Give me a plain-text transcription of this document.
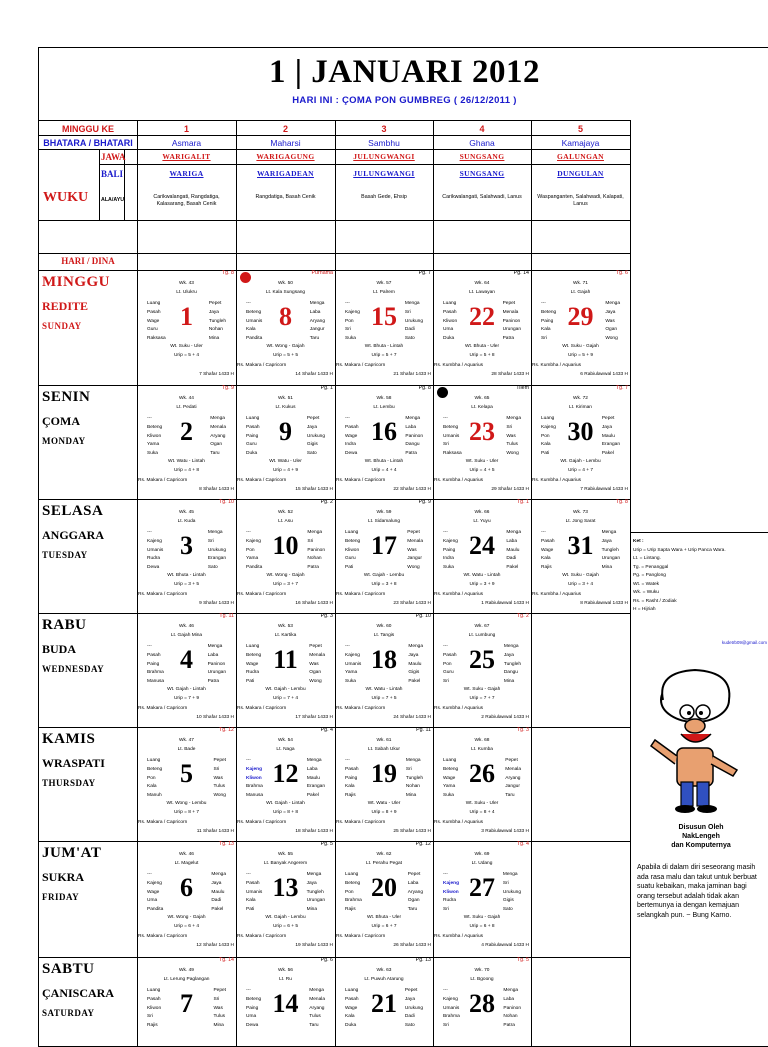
1 | JANUARI 2012
HARI INI : ÇOMA PON GUMBREG ( 26/12/2011 )
MINGGU KE
BHATARA / BHATARI
WUKU
JAWA
BALI
ALA/AYU
HARI / DINA
1
Asmara
WARIGALIT
WARIGA
Carikwalangati, Rangdatiga, Kalasarang, Basah Cenik
2
Maharsi
WARIGAGUNG
WARIGADEAN
Rangdatiga, Basah Cenik
3
Sambhu
JULUNGWANGI
JULUNGWANGI
Basah Gede, Ehsip
4
Ghana
SUNGSANG
SUNGSANG
Carikwalangati, Salahwadi, Lanus
5
Kamajaya
GALUNGAN
DUNGULAN
Waspanganten, Salahwadi, Kalapati, Lanus
MINGGU
REDITE
SUNDAY
SENIN
ÇOMA
MONDAY
SELASA
ANGGARA
TUESDAY
RABU
BUDA
WEDNESDAY
KAMIS
WRASPATI
THURSDAY
JUM'AT
SUKRA
FRIDAY
SABTU
ÇANISCARA
SATURDAY
Tg. 8
Wk. 43
Lt. Ulukru
Luang
Pasah
Wage
Guru
Raksasa
Pepet
Jaya
Tungleh
Nohan
Mina
1
Wt. Suku - Uler
Urip = 5 + 4
7 Shafar 1433 H
Purnama
Wk. 50
Lt. Kala Sungsang
---
Beteng
Umanis
Kala
Pandita
Menga
Laba
Aryang
Jangur
Taru
8
Wt. Wong - Gajah
Urip = 5 + 5
Rs. Makara / Capricorn
14 Shafar 1433 H
Pg. 7
Wk. 57
Lt. Palrem
---
Kajeng
Pon
Sri
Suka
Menga
Sri
Urukung
Dadi
Sato
15
Wt. Bhuta - Lintah
Urip = 5 + 7
Rs. Makara / Capricorn
21 Shafar 1433 H
Pg. 14
Wk. 64
Lt. Lawayan
Luang
Pasah
Kliwon
Uma
Duka
Pepet
Menala
Paninon
Urungan
Patra
22
Wt. Bhuta - Uler
Urip = 5 + 8
Rs. Kumbha / Aquarius
28 Shafar 1433 H
Tg. 6
Wk. 71
Lt. Gajah
---
Beteng
Paing
Kala
Sri
Menga
Jaya
Was
Ogan
Wong
29
Wt. Suku - Gajah
Urip = 5 + 9
Rs. Kumbha / Aquarius
6 Rabiulawwal 1433 H
Tg. 9
Wk. 44
Lt. Pedati
---
Beteng
Kliwon
Yama
Suka
Menga
Menala
Aryang
Ogan
Taru
2
Wt. Watu - Lintah
Urip = 4 + 8
Rs. Makara / Capricorn
8 Shafar 1433 H
Pg. 1
Wk. 51
Lt. Kukus
Luang
Pasah
Paing
Guru
Duka
Pepet
Jaya
Urukung
Gigis
Sato
9
Wt. Watu - Uler
Urip = 4 + 9
Rs. Makara / Capricorn
15 Shafar 1433 H
Pg. 8
Wk. 58
Lt. Lembu
---
Pasah
Wage
Indra
Dewa
Menga
Laba
Paninon
Dangu
Patra
16
Wt. Bhuta - Lintah
Urip = 4 + 4
Rs. Makara / Capricorn
22 Shafar 1433 H
Tilem
Wk. 65
Lt. Kelapa
---
Beteng
Umanis
Sri
Raksasa
Menga
Sri
Was
Tulus
Wong
23
Wt. Suku - Uler
Urip = 4 + 5
Rs. Kumbha / Aquarius
29 Shafar 1433 H
Tg. 7
Wk. 72
Lt. Kiriman
Luang
Kajeng
Pon
Kala
Pati
Pepet
Jaya
Maulu
Erangan
Pakel
30
Wt. Gajah - Lembu
Urip = 4 + 7
Rs. Kumbha / Aquarius
7 Rabiulawwal 1433 H
Tg. 10
Wk. 45
Lt. Kuda
---
Kajeng
Umanis
Rudra
Dewa
Menga
Sri
Urukung
Erangan
Sato
3
Wt. Bhuta - Lintah
Urip = 3 + 5
Rs. Makara / Capricorn
9 Shafar 1433 H
Pg. 2
Wk. 52
Lt. Asu
---
Kajeng
Pon
Yama
Pandita
Menga
Sri
Paninon
Nohan
Patra
10
Wt. Wong - Gajah
Urip = 3 + 7
Rs. Makara / Capricorn
16 Shafar 1433 H
Pg. 9
Wk. 59
Lt. Sidamalung
Luang
Beteng
Kliwon
Guru
Pati
Pepet
Menala
Was
Jangur
Wong
17
Wt. Gajah - Lembu
Urip = 3 + 8
Rs. Makara / Capricorn
23 Shafar 1433 H
Tg. 1
Wk. 66
Lt. Yuyu
---
Kajeng
Paing
Indra
Suka
Menga
Laba
Maulu
Dadi
Pakel
24
Wt. Watu - Lintah
Urip = 3 + 9
Rs. Kumbha / Aquarius
1 Rabiulawwal 1433 H
Tg. 8
Wk. 73
Lt. Jong Sarat
---
Pasah
Wage
Kala
Rajis
Menga
Jaya
Tungleh
Urungan
Mina
31
Wt. Suku - Gajah
Urip = 3 + 4
Rs. Kumbha / Aquarius
8 Rabiulawwal 1433 H
Tg. 11
Wk. 46
Lt. Gajah Mina
---
Pasah
Paing
Brahma
Manusa
Menga
Laba
Paninon
Urungan
Patra
4
Wt. Gajah - Lintah
Urip = 7 + 9
Rs. Makara / Capricorn
10 Shafar 1433 H
Pg. 3
Wk. 53
Lt. Kartika
Luang
Beteng
Wage
Rudra
Pati
Pepet
Menala
Was
Ogan
Wong
11
Wt. Gajah - Lembu
Urip = 7 + 4
Rs. Makara / Capricorn
17 Shafar 1433 H
Pg. 10
Wk. 60
Lt. Tangis
---
Kajeng
Umanis
Yama
Suka
Menga
Jaya
Maulu
Gigis
Pakel
18
Wt. Watu - Lintah
Urip = 7 + 5
Rs. Makara / Capricorn
24 Shafar 1433 H
Tg. 2
Wk. 67
Lt. Lumbung
---
Pasah
Pon
Guru
Sri
Menga
Jaya
Tungleh
Dangu
Mina
25
Wt. Suku - Gajah
Urip = 7 + 7
Rs. Kumbha / Aquarius
2 Rabiulawwal 1433 H
Tg. 12
Wk. 47
Lt. Bade
Luang
Beteng
Pon
Kala
Manuh
Pepet
Sri
Was
Tulus
Wong
5
Wt. Wong - Lembu
Urip = 8 + 7
Rs. Makara / Capricorn
11 Shafar 1433 H
Pg. 4
Wk. 54
Lt. Naga
---
Kajeng
Kliwon
Brahma
Manusa
Menga
Laba
Maulu
Erangan
Pakel
12
Wt. Gajah - Lintah
Urip = 8 + 8
Rs. Makara / Capricorn
18 Shafar 1433 H
Pg. 11
Wk. 61
Lt. Sabah Ukur
---
Pasah
Paing
Kala
Rajis
Menga
Sri
Tungleh
Nohan
Mina
19
Wt. Watu - Uler
Urip = 8 + 9
Rs. Makara / Capricorn
25 Shafar 1433 H
Tg. 3
Wk. 68
Lt. Kumba
Luang
Beteng
Wage
Yama
Suka
Pepet
Menala
Aryang
Jangur
Taru
26
Wt. Suku - Uler
Urip = 8 + 4
Rs. Kumbha / Aquarius
3 Rabiulawwal 1433 H
Tg. 13
Wk. 46
Lt. Magelut
---
Kajeng
Wage
Uma
Pandita
Menga
Jaya
Maulu
Dadi
Pakel
6
Wt. Wong - Gajah
Urip = 6 + 4
Rs. Makara / Capricorn
12 Shafar 1433 H
Pg. 5
Wk. 55
Lt. Banyak Angerem
---
Pasah
Umanis
Kala
Pati
Menga
Jaya
Tungleh
Urungan
Mina
13
Wt. Gajah - Lembu
Urip = 6 + 5
Rs. Makara / Capricorn
19 Shafar 1433 H
Pg. 12
Wk. 62
Lt. Perahu Pegat
Luang
Beteng
Pon
Brahma
Rajis
Pepet
Laba
Aryang
Ogan
Taru
20
Wt. Bhuta - Uler
Urip = 6 + 7
Rs. Makara / Capricorn
26 Shafar 1433 H
Tg. 4
Wk. 69
Lt. Udang
---
Kajeng
Kliwon
Rudra
Sri
Menga
Sri
Urukung
Gigis
Sato
27
Wt. Suku - Gajah
Urip = 6 + 8
Rs. Kumbha / Aquarius
4 Rabiulawwal 1433 H
Tg. 14
Wk. 49
Lt. Lerung Paglangan
Luang
Pasah
Kliwon
Sri
Rajis
Pepet
Sri
Was
Tulus
Mina
7
Pg. 6
Wk. 56
Lt. Ru
---
Beteng
Paing
Uma
Dewa
Menga
Menala
Aryang
Tulus
Taru
14
Pg. 13
Wk. 63
Lt. Puwuh Atarung
Luang
Pasah
Wage
Kala
Duka
Pepet
Jaya
Urukung
Dadi
Sato
21
Tg. 5
Wk. 70
Lt. Bgoong
---
Kajeng
Umanis
Brahma
Sri
Menga
Laba
Paninon
Nohan
Patra
28
Ket :
Urip = Urip Sapta Wara + Urip Panca Wara.
Lt. = Lintang.
Tg. = Penanggal
Pg. = Panglong
Wt. = Watek
Wk. = Wuku
Rs. = Rasht / Zodiak
H = Hijriah
kudetrb09@gmail.com
Disusun Oleh
NakLengeh
dan Komputernya
Apabila di dalam diri seseorang masih ada rasa malu dan takut untuk berbuat suatu kebaikan, maka jaminan bagi orang tersebut adalah tidak akan bertemunya ia dengan kemajuan selangkah pun. ~ Bung Karno.
